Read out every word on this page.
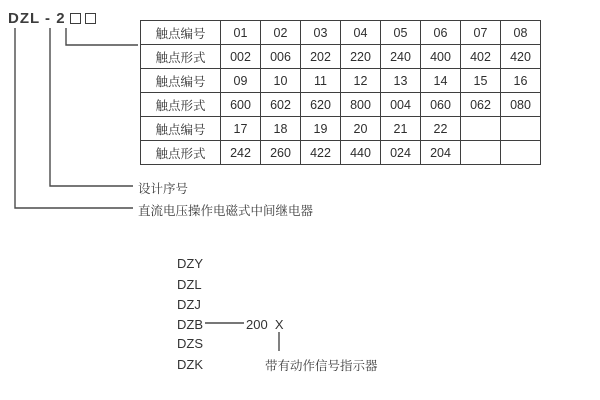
DZL - 2
触点编号	01	02	03	04	05	06	07	08
触点形式	002	006	202	220	240	400	402	420
触点编号	09	10	11	12	13	14	15	16
触点形式	600	602	620	800	004	060	062	080
触点编号	17	18	19	20	21	22		
触点形式	242	260	422	440	024	204		
设计序号
直流电压操作电磁式中间继电器
DZY
DZL
DZJ
DZB
DZS
DZK
200  X
带有动作信号指示器
